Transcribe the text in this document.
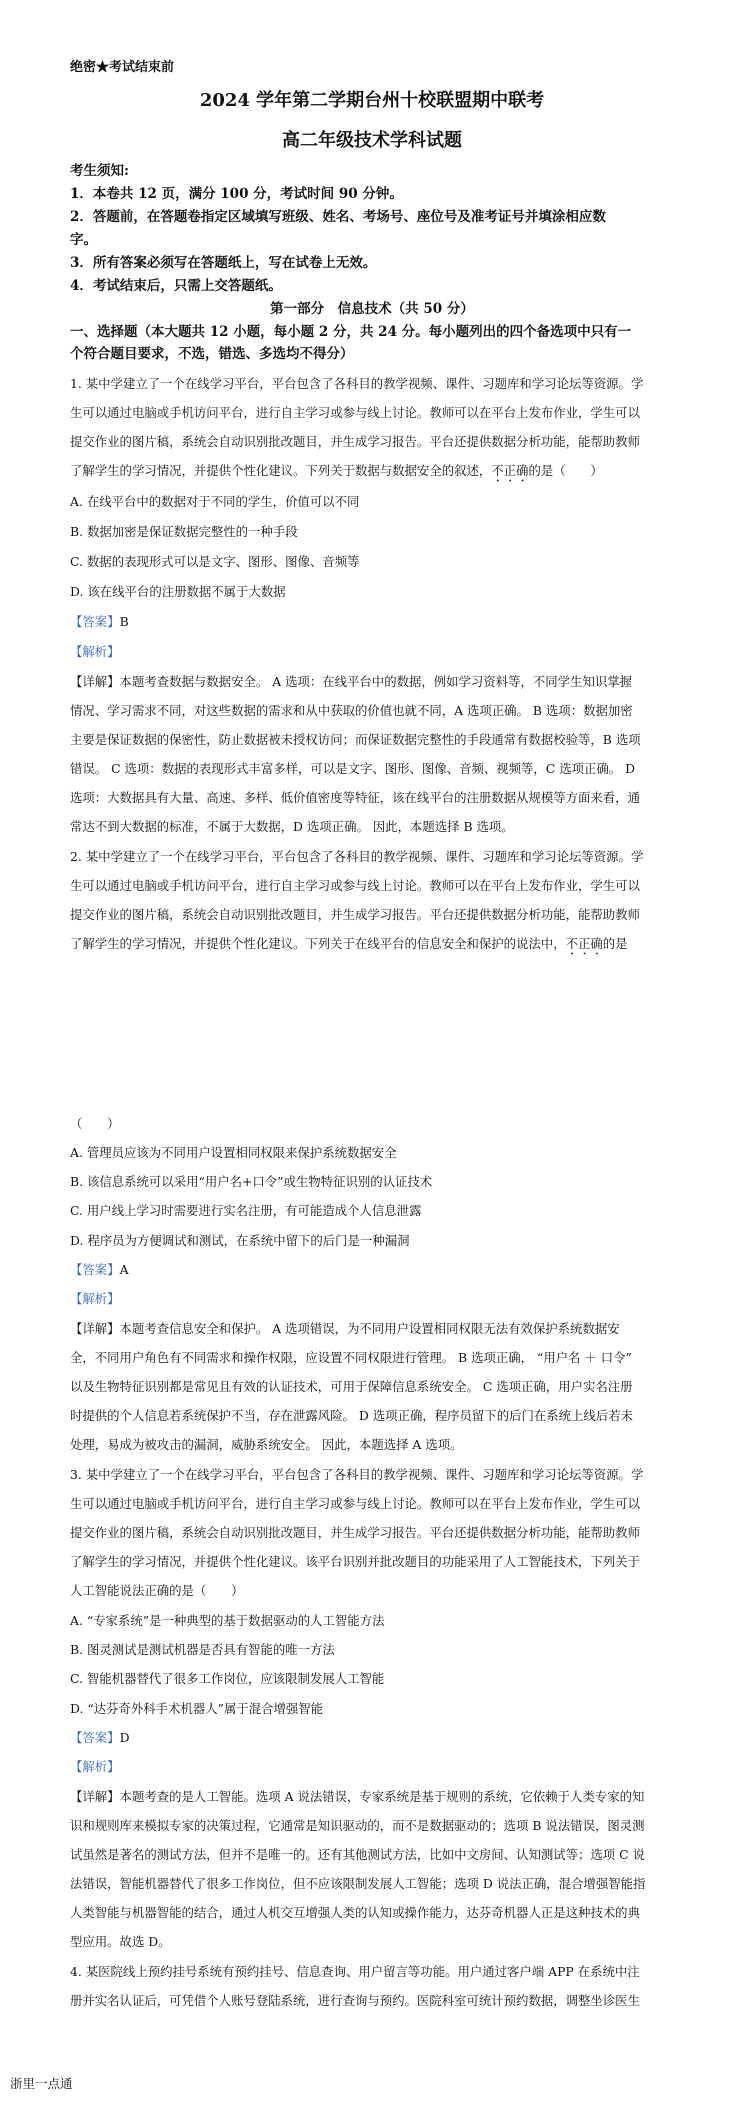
绝密★考试结束前
2024 学年第二学期台州十校联盟期中联考
高二年级技术学科试题
考生须知:
1．本卷共 12 页，满分 100 分，考试时间 90 分钟。
2．答题前，在答题卷指定区域填写班级、姓名、考场号、座位号及准考证号并填涂相应数
字。
3．所有答案必须写在答题纸上，写在试卷上无效。
4．考试结束后，只需上交答题纸。
第一部分　信息技术（共 50 分）
一、选择题（本大题共 12 小题，每小题 2 分，共 24 分。每小题列出的四个备选项中只有一
个符合题目要求，不选，错选、多选均不得分）
1. 某中学建立了一个在线学习平台，平台包含了各科目的教学视频、课件、习题库和学习论坛等资源。学
生可以通过电脑或手机访问平台，进行自主学习或参与线上讨论。教师可以在平台上发布作业，学生可以
提交作业的图片稿，系统会自动识别批改题目，并生成学习报告。平台还提供数据分析功能，能帮助教师
了解学生的学习情况，并提供个性化建议。下列关于数据与数据安全的叙述，不正确的是（　　）
A. 在线平台中的数据对于不同的学生，价值可以不同
B. 数据加密是保证数据完整性的一种手段
C. 数据的表现形式可以是文字、图形、图像、音频等
D. 该在线平台的注册数据不属于大数据
【答案】B
【解析】
【详解】本题考查数据与数据安全。 A 选项：在线平台中的数据，例如学习资料等，不同学生知识掌握
情况、学习需求不同，对这些数据的需求和从中获取的价值也就不同，A 选项正确。 B 选项：数据加密
主要是保证数据的保密性，防止数据被未授权访问；而保证数据完整性的手段通常有数据校验等，B 选项
错误。 C 选项：数据的表现形式丰富多样，可以是文字、图形、图像、音频、视频等，C 选项正确。 D
选项：大数据具有大量、高速、多样、低价值密度等特征，该在线平台的注册数据从规模等方面来看，通
常达不到大数据的标准，不属于大数据，D 选项正确。 因此，本题选择 B 选项。
2. 某中学建立了一个在线学习平台，平台包含了各科目的教学视频、课件、习题库和学习论坛等资源。学
生可以通过电脑或手机访问平台，进行自主学习或参与线上讨论。教师可以在平台上发布作业，学生可以
提交作业的图片稿，系统会自动识别批改题目，并生成学习报告。平台还提供数据分析功能，能帮助教师
了解学生的学习情况，并提供个性化建议。下列关于在线平台的信息安全和保护的说法中，不正确的是
（　　）
A. 管理员应该为不同用户设置相同权限来保护系统数据安全
B. 该信息系统可以采用“用户名+口令”或生物特征识别的认证技术
C. 用户线上学习时需要进行实名注册，有可能造成个人信息泄露
D. 程序员为方便调试和测试，在系统中留下的后门是一种漏洞
【答案】A
【解析】
【详解】本题考查信息安全和保护。 A 选项错误，为不同用户设置相同权限无法有效保护系统数据安
全，不同用户角色有不同需求和操作权限，应设置不同权限进行管理。 B 选项正确， “用户名 ＋ 口令”
以及生物特征识别都是常见且有效的认证技术，可用于保障信息系统安全。 C 选项正确，用户实名注册
时提供的个人信息若系统保护不当，存在泄露风险。 D 选项正确，程序员留下的后门在系统上线后若未
处理，易成为被攻击的漏洞，威胁系统安全。 因此，本题选择 A 选项。
3. 某中学建立了一个在线学习平台，平台包含了各科目的教学视频、课件、习题库和学习论坛等资源。学
生可以通过电脑或手机访问平台，进行自主学习或参与线上讨论。教师可以在平台上发布作业，学生可以
提交作业的图片稿，系统会自动识别批改题目，并生成学习报告。平台还提供数据分析功能，能帮助教师
了解学生的学习情况，并提供个性化建议。该平台识别并批改题目的功能采用了人工智能技术，下列关于
人工智能说法正确的是（　　）
A. “专家系统”是一种典型的基于数据驱动的人工智能方法
B. 图灵测试是测试机器是否具有智能的唯一方法
C. 智能机器替代了很多工作岗位，应该限制发展人工智能
D. “达芬奇外科手术机器人”属于混合增强智能
【答案】D
【解析】
【详解】本题考查的是人工智能。选项 A 说法错误，专家系统是基于规则的系统，它依赖于人类专家的知
识和规则库来模拟专家的决策过程，它通常是知识驱动的，而不是数据驱动的；选项 B 说法错误，图灵测
试虽然是著名的测试方法，但并不是唯一的。还有其他测试方法，比如中文房间、认知测试等；选项 C 说
法错误，智能机器替代了很多工作岗位，但不应该限制发展人工智能；选项 D 说法正确，混合增强智能指
人类智能与机器智能的结合，通过人机交互增强人类的认知或操作能力，达芬奇机器人正是这种技术的典
型应用。故选 D。
4. 某医院线上预约挂号系统有预约挂号、信息查询、用户留言等功能。用户通过客户端 APP 在系统中注
册并实名认证后，可凭借个人账号登陆系统，进行查询与预约。医院科室可统计预约数据，调整坐诊医生
浙里一点通
